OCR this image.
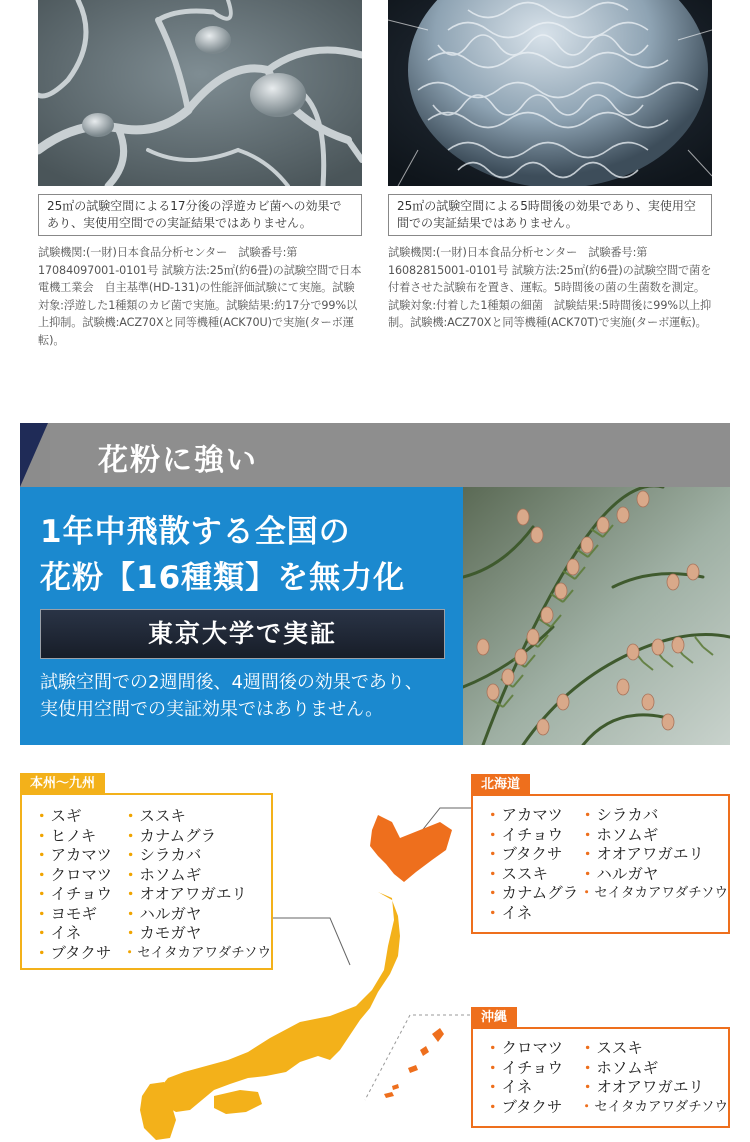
25㎡の試験空間による17分後の浮遊カビ菌への効果であり、実使用空間での実証結果ではありません。
試験機関:(一財)日本食品分析センター　試験番号:第17084097001-0101号 試験方法:25㎡(約6畳)の試験空間で日本電機工業会　自主基準(HD-131)の性能評価試験にて実施。試験対象:浮遊した1種類のカビ菌で実施。試験結果:約17分で99%以上抑制。試験機:ACZ70Xと同等機種(ACK70U)で実施(ターボ運転)。
25㎡の試験空間による5時間後の効果であり、実使用空間での実証結果ではありません。
試験機関:(一財)日本食品分析センター　試験番号:第16082815001-0101号 試験方法:25㎡(約6畳)の試験空間で菌を付着させた試験布を置き、運転。5時間後の菌の生菌数を測定。試験対象:付着した1種類の細菌　試験結果:5時間後に99%以上抑制。試験機:ACZ70Xと同等機種(ACK70T)で実施(ターボ運転)。
花粉に強い
1年中飛散する全国の
花粉【16種類】を無力化
東京大学で実証
試験空間での2週間後、4週間後の効果であり、
実使用空間での実証効果ではありません。
本州〜九州
・ スギ
・ ヒノキ
・ アカマツ
・ クロマツ
・ イチョウ
・ ヨモギ
・ イネ
・ ブタクサ
・ ススキ
・ カナムグラ
・ シラカバ
・ ホソムギ
・ オオアワガエリ
・ ハルガヤ
・ カモガヤ
・ セイタカアワダチソウ
北海道
・ アカマツ
・ イチョウ
・ ブタクサ
・ ススキ
・ カナムグラ
・ イネ
・ シラカバ
・ ホソムギ
・ オオアワガエリ
・ ハルガヤ
・ セイタカアワダチソウ
沖縄
・ クロマツ
・ イチョウ
・ イネ
・ ブタクサ
・ ススキ
・ ホソムギ
・ オオアワガエリ
・ セイタカアワダチソウ
